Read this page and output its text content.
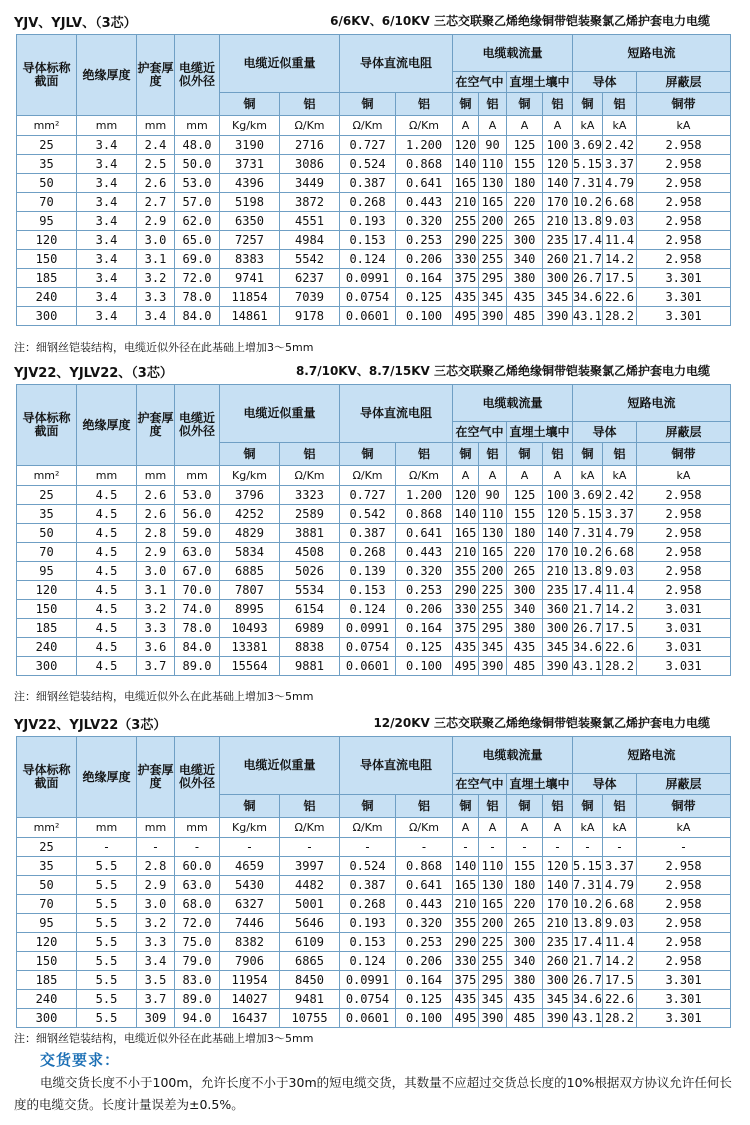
YJV、YJLV、（3芯）	6/6KV、6/10KV 三芯交联聚乙烯绝缘铜带铠装聚氯乙烯护套电力电缆
导体标称截面	绝缘厚度	护套厚度	电缆近似外径	电缆近似重量		导体直流电阻		电缆载流量				短路电流		
								在空气中		直埋土壤中		导体		屏蔽层
				铜	铝	铜	铝	铜	铝	铜	铝	铜	铝	铜带
mm²	mm	mm	mm	Kg/km	Ω/Km	Ω/Km	Ω/Km	A	A	A	A	kA	kA	kA
25	3.4	2.4	48.0	3190	2716	0.727	1.200	120	90	125	100	3.69	2.42	2.958
35	3.4	2.5	50.0	3731	3086	0.524	0.868	140	110	155	120	5.15	3.37	2.958
50	3.4	2.6	53.0	4396	3449	0.387	0.641	165	130	180	140	7.31	4.79	2.958
70	3.4	2.7	57.0	5198	3872	0.268	0.443	210	165	220	170	10.2	6.68	2.958
95	3.4	2.9	62.0	6350	4551	0.193	0.320	255	200	265	210	13.8	9.03	2.958
120	3.4	3.0	65.0	7257	4984	0.153	0.253	290	225	300	235	17.4	11.4	2.958
150	3.4	3.1	69.0	8383	5542	0.124	0.206	330	255	340	260	21.7	14.2	2.958
185	3.4	3.2	72.0	9741	6237	0.0991	0.164	375	295	380	300	26.7	17.5	3.301
240	3.4	3.3	78.0	11854	7039	0.0754	0.125	435	345	435	345	34.6	22.6	3.301
300	3.4	3.4	84.0	14861	9178	0.0601	0.100	495	390	485	390	43.1	28.2	3.301
注：细钢丝铠装结构，电缆近似外径在此基础上增加3～5mm
YJV22、YJLV22、（3芯）	8.7/10KV、8.7/15KV 三芯交联聚乙烯绝缘铜带铠装聚氯乙烯护套电力电缆
导体标称截面	绝缘厚度	护套厚度	电缆近似外径	电缆近似重量		导体直流电阻		电缆载流量				短路电流		
								在空气中		直埋土壤中		导体		屏蔽层
				铜	铝	铜	铝	铜	铝	铜	铝	铜	铝	铜带
mm²	mm	mm	mm	Kg/km	Ω/Km	Ω/Km	Ω/Km	A	A	A	A	kA	kA	kA
25	4.5	2.6	53.0	3796	3323	0.727	1.200	120	90	125	100	3.69	2.42	2.958
35	4.5	2.6	56.0	4252	2589	0.542	0.868	140	110	155	120	5.15	3.37	2.958
50	4.5	2.8	59.0	4829	3881	0.387	0.641	165	130	180	140	7.31	4.79	2.958
70	4.5	2.9	63.0	5834	4508	0.268	0.443	210	165	220	170	10.2	6.68	2.958
95	4.5	3.0	67.0	6885	5026	0.139	0.320	355	200	265	210	13.8	9.03	2.958
120	4.5	3.1	70.0	7807	5534	0.153	0.253	290	225	300	235	17.4	11.4	2.958
150	4.5	3.2	74.0	8995	6154	0.124	0.206	330	255	340	360	21.7	14.2	3.031
185	4.5	3.3	78.0	10493	6989	0.0991	0.164	375	295	380	300	26.7	17.5	3.031
240	4.5	3.6	84.0	13381	8838	0.0754	0.125	435	345	435	345	34.6	22.6	3.031
300	4.5	3.7	89.0	15564	9881	0.0601	0.100	495	390	485	390	43.1	28.2	3.031
注：细钢丝铠装结构，电缆近似外么在此基础上增加3～5mm
YJV22、YJLV22（3芯）	12/20KV 三芯交联聚乙烯绝缘铜带铠装聚氯乙烯护套电力电缆
导体标称截面	绝缘厚度	护套厚度	电缆近似外径	电缆近似重量		导体直流电阻		电缆载流量				短路电流		
								在空气中		直埋土壤中		导体		屏蔽层
				铜	铝	铜	铝	铜	铝	铜	铝	铜	铝	铜带
mm²	mm	mm	mm	Kg/km	Ω/Km	Ω/Km	Ω/Km	A	A	A	A	kA	kA	kA
25	-	-	-	-	-	-	-	-	-	-	-	-	-	-
35	5.5	2.8	60.0	4659	3997	0.524	0.868	140	110	155	120	5.15	3.37	2.958
50	5.5	2.9	63.0	5430	4482	0.387	0.641	165	130	180	140	7.31	4.79	2.958
70	5.5	3.0	68.0	6327	5001	0.268	0.443	210	165	220	170	10.2	6.68	2.958
95	5.5	3.2	72.0	7446	5646	0.193	0.320	355	200	265	210	13.8	9.03	2.958
120	5.5	3.3	75.0	8382	6109	0.153	0.253	290	225	300	235	17.4	11.4	2.958
150	5.5	3.4	79.0	7906	6865	0.124	0.206	330	255	340	260	21.7	14.2	2.958
185	5.5	3.5	83.0	11954	8450	0.0991	0.164	375	295	380	300	26.7	17.5	3.301
240	5.5	3.7	89.0	14027	9481	0.0754	0.125	435	345	435	345	34.6	22.6	3.301
300	5.5	309	94.0	16437	10755	0.0601	0.100	495	390	485	390	43.1	28.2	3.301
注：细钢丝铠装结构，电缆近似外径在此基础上增加3～5mm
交货要求：
电缆交货长度不小于100m，允许长度不小于30m的短电缆交货，其数量不应超过交货总长度的10%根据双方协议允许任何长度的电缆交货。长度计量误差为±0.5%。
